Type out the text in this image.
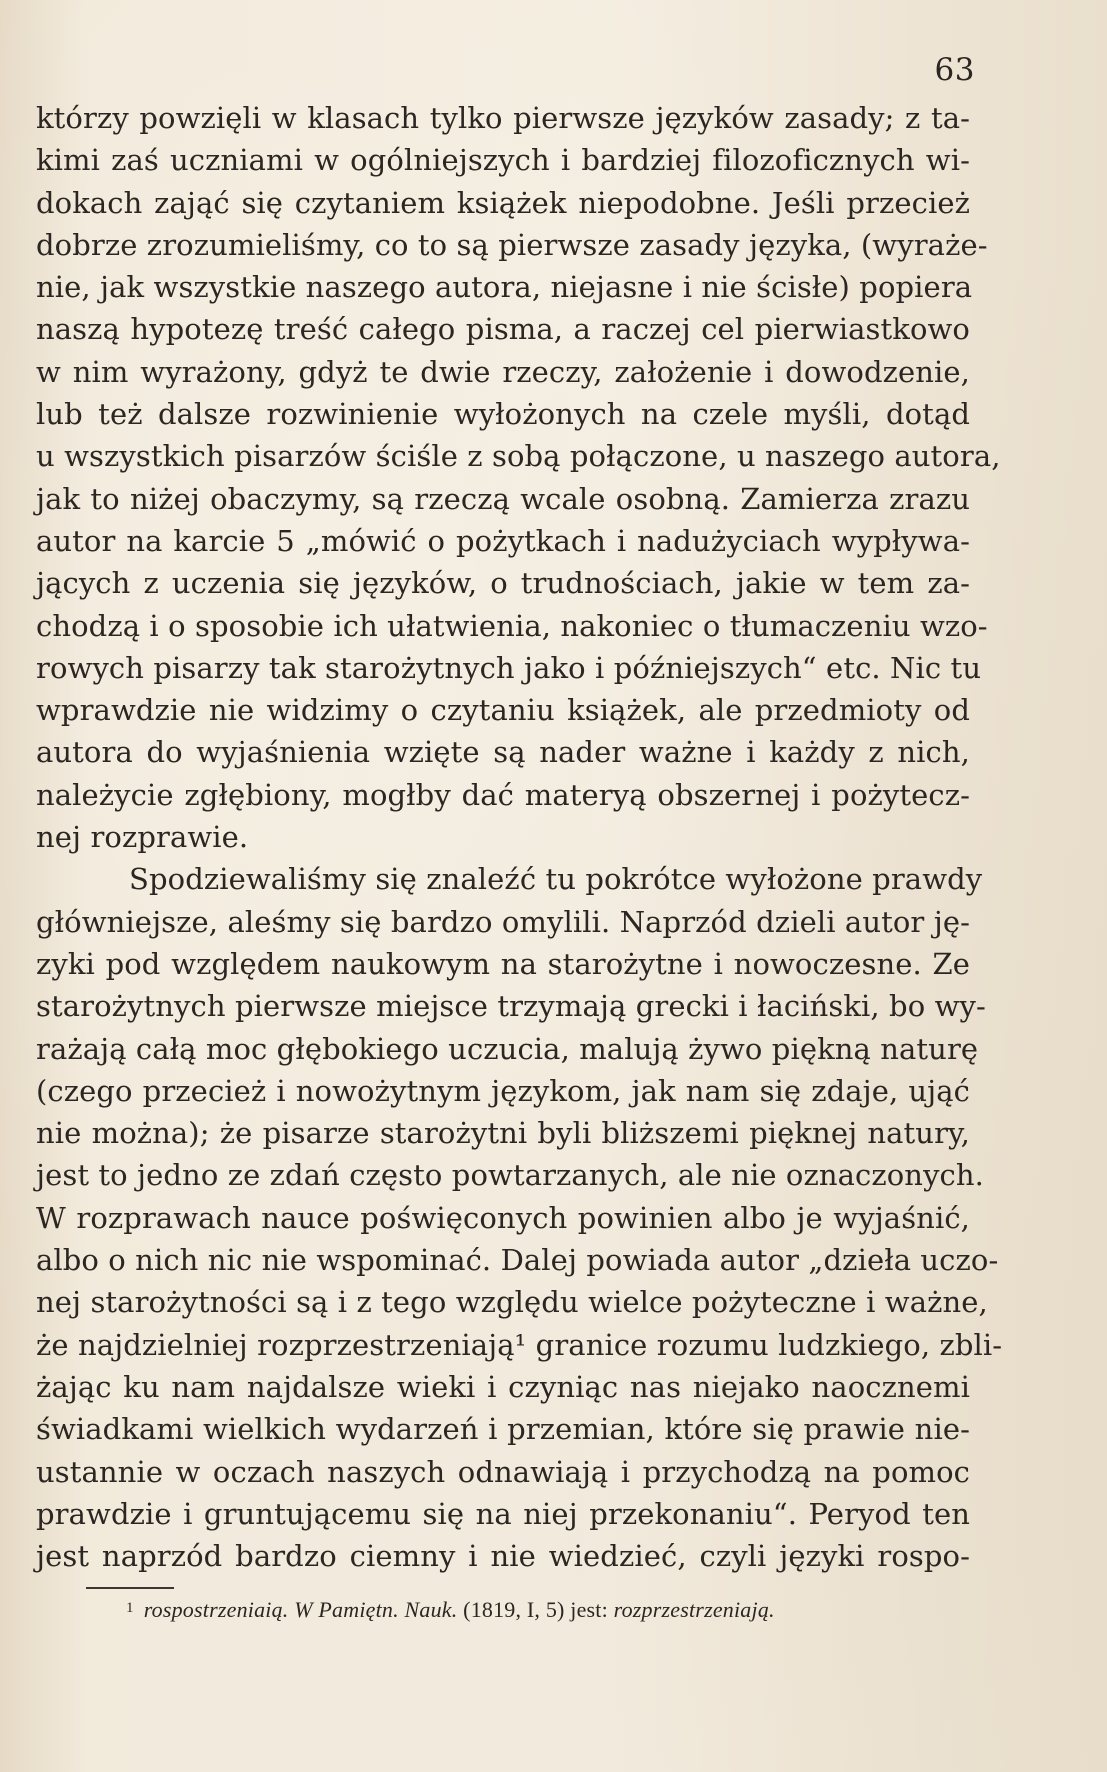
63
którzy powzięli w klasach tylko pierwsze języków zasady; z ta-
kimi zaś uczniami w ogólniejszych i bardziej filozoficznych wi-
dokach zająć się czytaniem książek niepodobne. Jeśli przecież
dobrze zrozumieliśmy, co to są pierwsze zasady języka, (wyraże-
nie, jak wszystkie naszego autora, niejasne i nie ścisłe) popiera
naszą hypotezę treść całego pisma, a raczej cel pierwiastkowo
w nim wyrażony, gdyż te dwie rzeczy, założenie i dowodzenie,
lub też dalsze rozwinienie wyłożonych na czele myśli, dotąd
u wszystkich pisarzów ściśle z sobą połączone, u naszego autora,
jak to niżej obaczymy, są rzeczą wcale osobną. Zamierza zrazu
autor na karcie 5 „mówić o pożytkach i nadużyciach wypływa-
jących z uczenia się języków, o trudnościach, jakie w tem za-
chodzą i o sposobie ich ułatwienia, nakoniec o tłumaczeniu wzo-
rowych pisarzy tak starożytnych jako i późniejszych“ etc. Nic tu
wprawdzie nie widzimy o czytaniu książek, ale przedmioty od
autora do wyjaśnienia wzięte są nader ważne i każdy z nich,
należycie zgłębiony, mogłby dać materyą obszernej i pożytecz-
nej rozprawie.
Spodziewaliśmy się znaleźć tu pokrótce wyłożone prawdy
główniejsze, aleśmy się bardzo omylili. Naprzód dzieli autor ję-
zyki pod względem naukowym na starożytne i nowoczesne. Ze
starożytnych pierwsze miejsce trzymają grecki i łaciński, bo wy-
rażają całą moc głębokiego uczucia, malują żywo piękną naturę
(czego przecież i nowożytnym językom, jak nam się zdaje, ująć
nie można); że pisarze starożytni byli bliższemi pięknej natury,
jest to jedno ze zdań często powtarzanych, ale nie oznaczonych.
W rozprawach nauce poświęconych powinien albo je wyjaśnić,
albo o nich nic nie wspominać. Dalej powiada autor „dzieła uczo-
nej starożytności są i z tego względu wielce pożyteczne i ważne,
że najdzielniej rozprzestrzeniają¹ granice rozumu ludzkiego, zbli-
żając ku nam najdalsze wieki i czyniąc nas niejako naocznemi
świadkami wielkich wydarzeń i przemian, które się prawie nie-
ustannie w oczach naszych odnawiają i przychodzą na pomoc
prawdzie i gruntującemu się na niej przekonaniu“. Peryod ten
jest naprzód bardzo ciemny i nie wiedzieć, czyli języki rospo-
$^1$ rospostrzeniaią. W Pamiętn. Nauk. (1819, I, 5) jest: rozprzestrzeniają.
